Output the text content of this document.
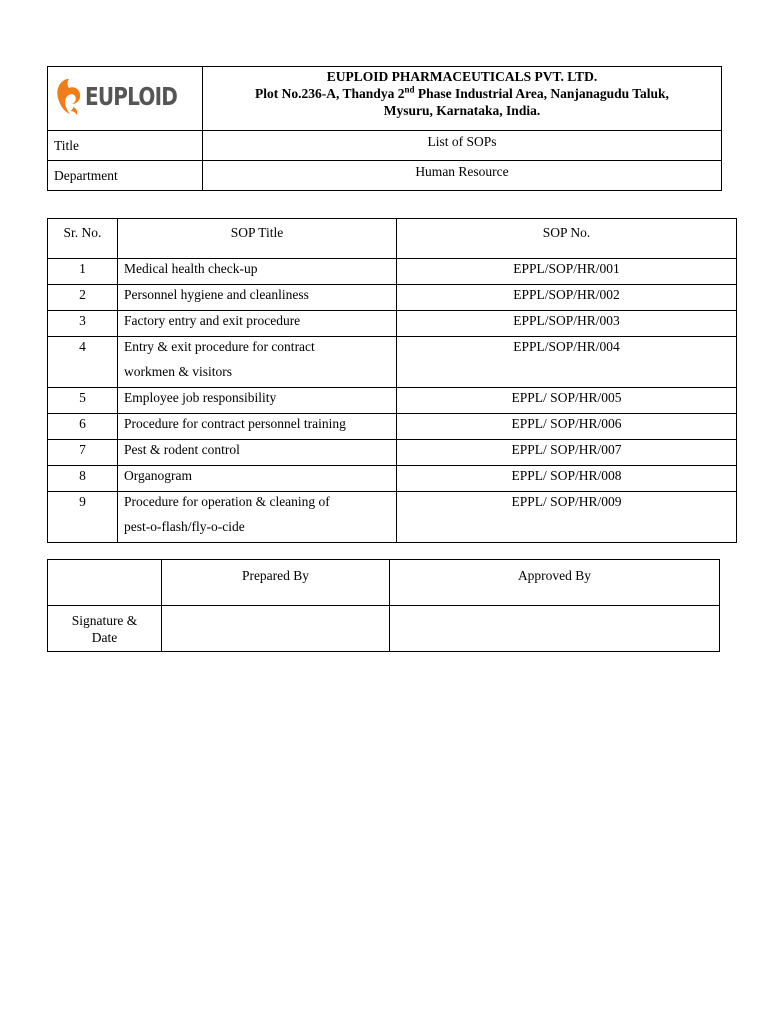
EUPLOID	EUPLOID PHARMACEUTICALS PVT. LTD.
Plot No.236-A, Thandya 2nd Phase Industrial Area, Nanjanagudu Taluk,
Mysuru, Karnataka, India.

Title	List of SOPs
Department	Human Resource
Sr. No.	SOP Title	SOP No.
1	Medical health check-up	EPPL/SOP/HR/001
2	Personnel hygiene and cleanliness	EPPL/SOP/HR/002
3	Factory entry and exit procedure	EPPL/SOP/HR/003
4	Entry & exit procedure for contract
workmen & visitors	EPPL/SOP/HR/004
5	Employee job responsibility	EPPL/ SOP/HR/005
6	Procedure for contract personnel training	EPPL/ SOP/HR/006
7	Pest & rodent control	EPPL/ SOP/HR/007
8	Organogram	EPPL/ SOP/HR/008
9	Procedure for operation & cleaning of
pest-o-flash/fly-o-cide	EPPL/ SOP/HR/009
	Prepared By	Approved By

Signature &
Date		
